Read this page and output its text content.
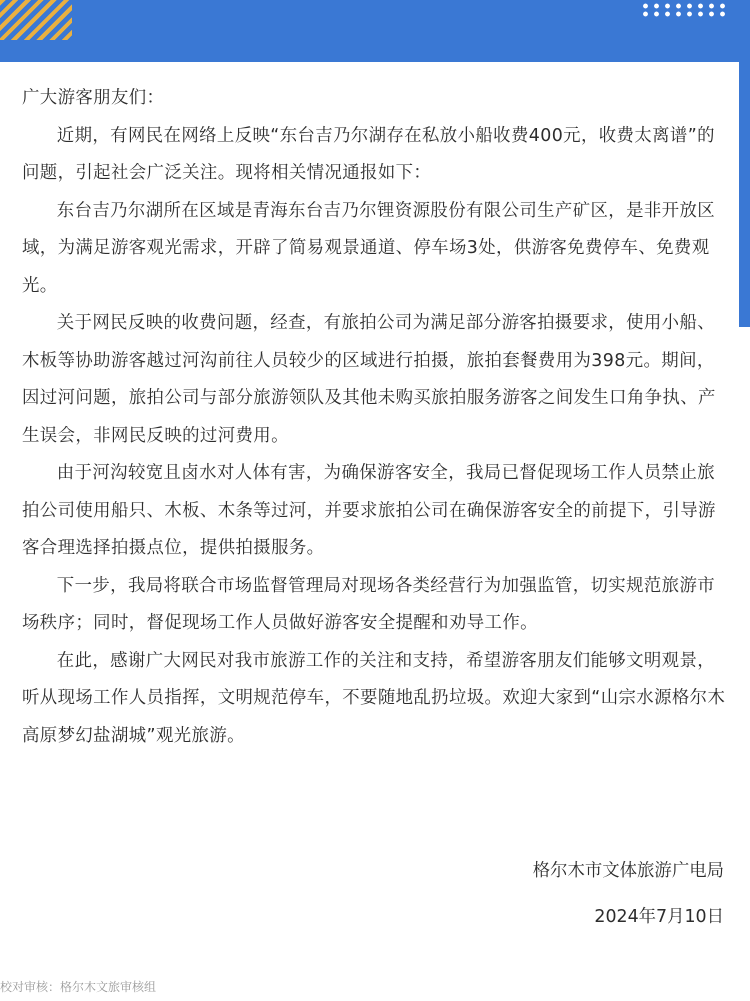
广大游客朋友们：

近期，有网民在网络上反映“东台吉乃尔湖存在私放小船收费400元，收费太离谱”的问题，引起社会广泛关注。现将相关情况通报如下：

东台吉乃尔湖所在区域是青海东台吉乃尔锂资源股份有限公司生产矿区，是非开放区域，为满足游客观光需求，开辟了简易观景通道、停车场3处，供游客免费停车、免费观光。

关于网民反映的收费问题，经查，有旅拍公司为满足部分游客拍摄要求，使用小船、木板等协助游客越过河沟前往人员较少的区域进行拍摄，旅拍套餐费用为398元。期间，因过河问题，旅拍公司与部分旅游领队及其他未购买旅拍服务游客之间发生口角争执、产生误会，非网民反映的过河费用。

由于河沟较宽且卤水对人体有害，为确保游客安全，我局已督促现场工作人员禁止旅拍公司使用船只、木板、木条等过河，并要求旅拍公司在确保游客安全的前提下，引导游客合理选择拍摄点位，提供拍摄服务。

下一步，我局将联合市场监督管理局对现场各类经营行为加强监管，切实规范旅游市场秩序；同时，督促现场工作人员做好游客安全提醒和劝导工作。

在此，感谢广大网民对我市旅游工作的关注和支持，希望游客朋友们能够文明观景，听从现场工作人员指挥，文明规范停车，不要随地乱扔垃圾。欢迎大家到“山宗水源格尔木 高原梦幻盐湖城”观光旅游。

格尔木市文体旅游广电局
2024年7月10日
校对审核：格尔木文旅审核组
